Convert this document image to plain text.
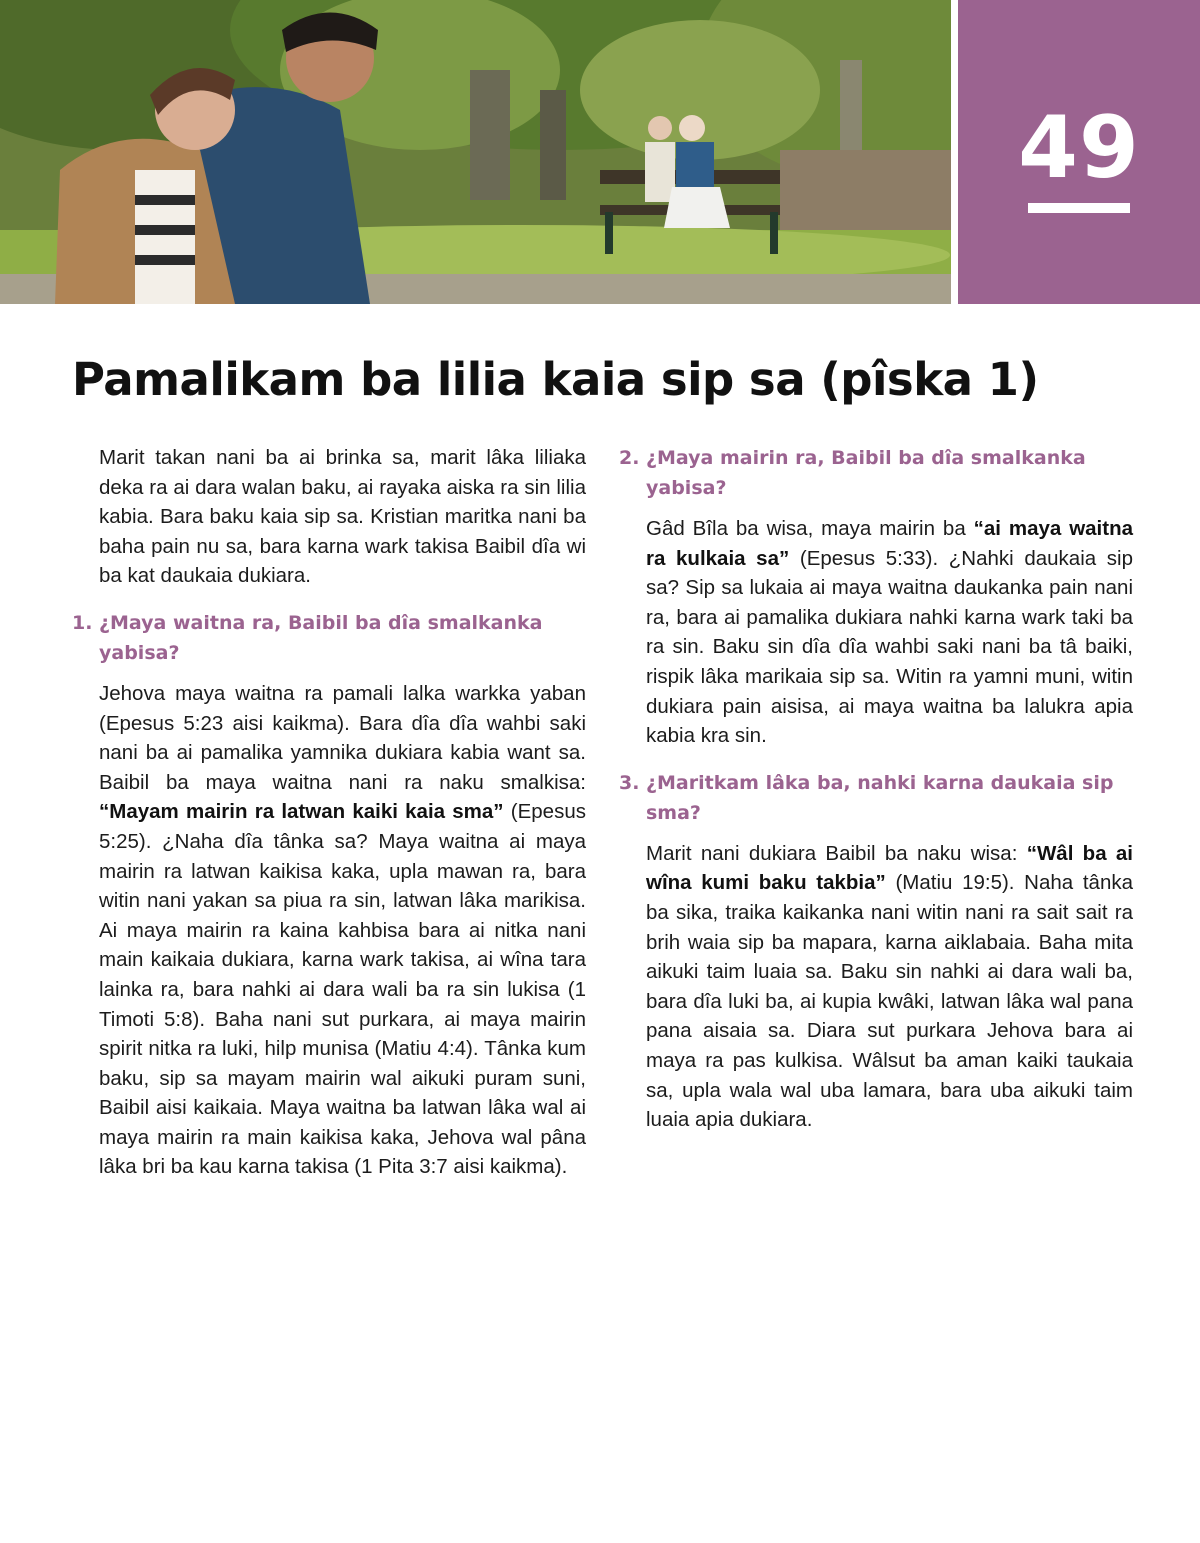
49
Pamalikam ba lilia kaia sip sa (pîska 1)

Marit takan nani ba ai brinka sa, marit lâka liliaka deka ra ai dara walan baku, ai rayaka aiska ra sin lilia kabia. Bara baku kaia sip sa. Kristian maritka nani ba baha pain nu sa, bara karna wark takisa Baibil dîa wi ba kat daukaia dukiara.

1. ¿Maya waitna ra, Baibil ba dîa smalkanka yabisa?

Jehova maya waitna ra pamali lalka warkka yaban (Epesus 5:23 aisi kaikma). Bara dîa dîa wahbi saki nani ba ai pamalika yamnika dukiara kabia want sa. Baibil ba maya waitna nani ra naku smalkisa: “Mayam mairin ra latwan kaiki kaia sma” (Epesus 5:25). ¿Naha dîa tânka sa? Maya waitna ai maya mairin ra latwan kaikisa kaka, upla mawan ra, bara witin nani yakan sa piua ra sin, latwan lâka marikisa. Ai maya mairin ra kaina kahbisa bara ai nitka nani main kaikaia dukiara, karna wark takisa, ai wîna tara lainka ra, bara nahki ai dara wali ba ra sin lukisa (1 Timoti 5:8). Baha nani sut purkara, ai maya mairin spirit nitka ra luki, hilp munisa (Matiu 4:4). Tânka kum baku, sip sa mayam mairin wal aikuki puram suni, Baibil aisi kaikaia. Maya waitna ba latwan lâka wal ai maya mairin ra main kaikisa kaka, Jehova wal pâna lâka bri ba kau karna takisa (1 Pita 3:7 aisi kaikma).

2. ¿Maya mairin ra, Baibil ba dîa smalkanka yabisa?

Gâd Bîla ba wisa, maya mairin ba “ai maya waitna ra kulkaia sa” (Epesus 5:33). ¿Nahki daukaia sip sa? Sip sa lukaia ai maya waitna daukanka pain nani ra, bara ai pamalika dukiara nahki karna wark taki ba ra sin. Baku sin dîa dîa wahbi saki nani ba tâ baiki, rispik lâka marikaia sip sa. Witin ra yamni muni, witin dukiara pain aisisa, ai maya waitna ba lalukra apia kabia kra sin.

3. ¿Maritkam lâka ba, nahki karna daukaia sip sma?

Marit nani dukiara Baibil ba naku wisa: “Wâl ba ai wîna kumi baku takbia” (Matiu 19:5). Naha tânka ba sika, traika kaikanka nani witin nani ra sait sait ra brih waia sip ba mapara, karna aiklabaia. Baha mita aikuki taim luaia sa. Baku sin nahki ai dara wali ba, bara dîa luki ba, ai kupia kwâki, latwan lâka wal pana pana aisaia sa. Diara sut purkara Jehova bara ai maya ra pas kulkisa. Wâlsut ba aman kaiki taukaia sa, upla wala wal uba lamara, bara uba aikuki taim luaia apia dukiara.
